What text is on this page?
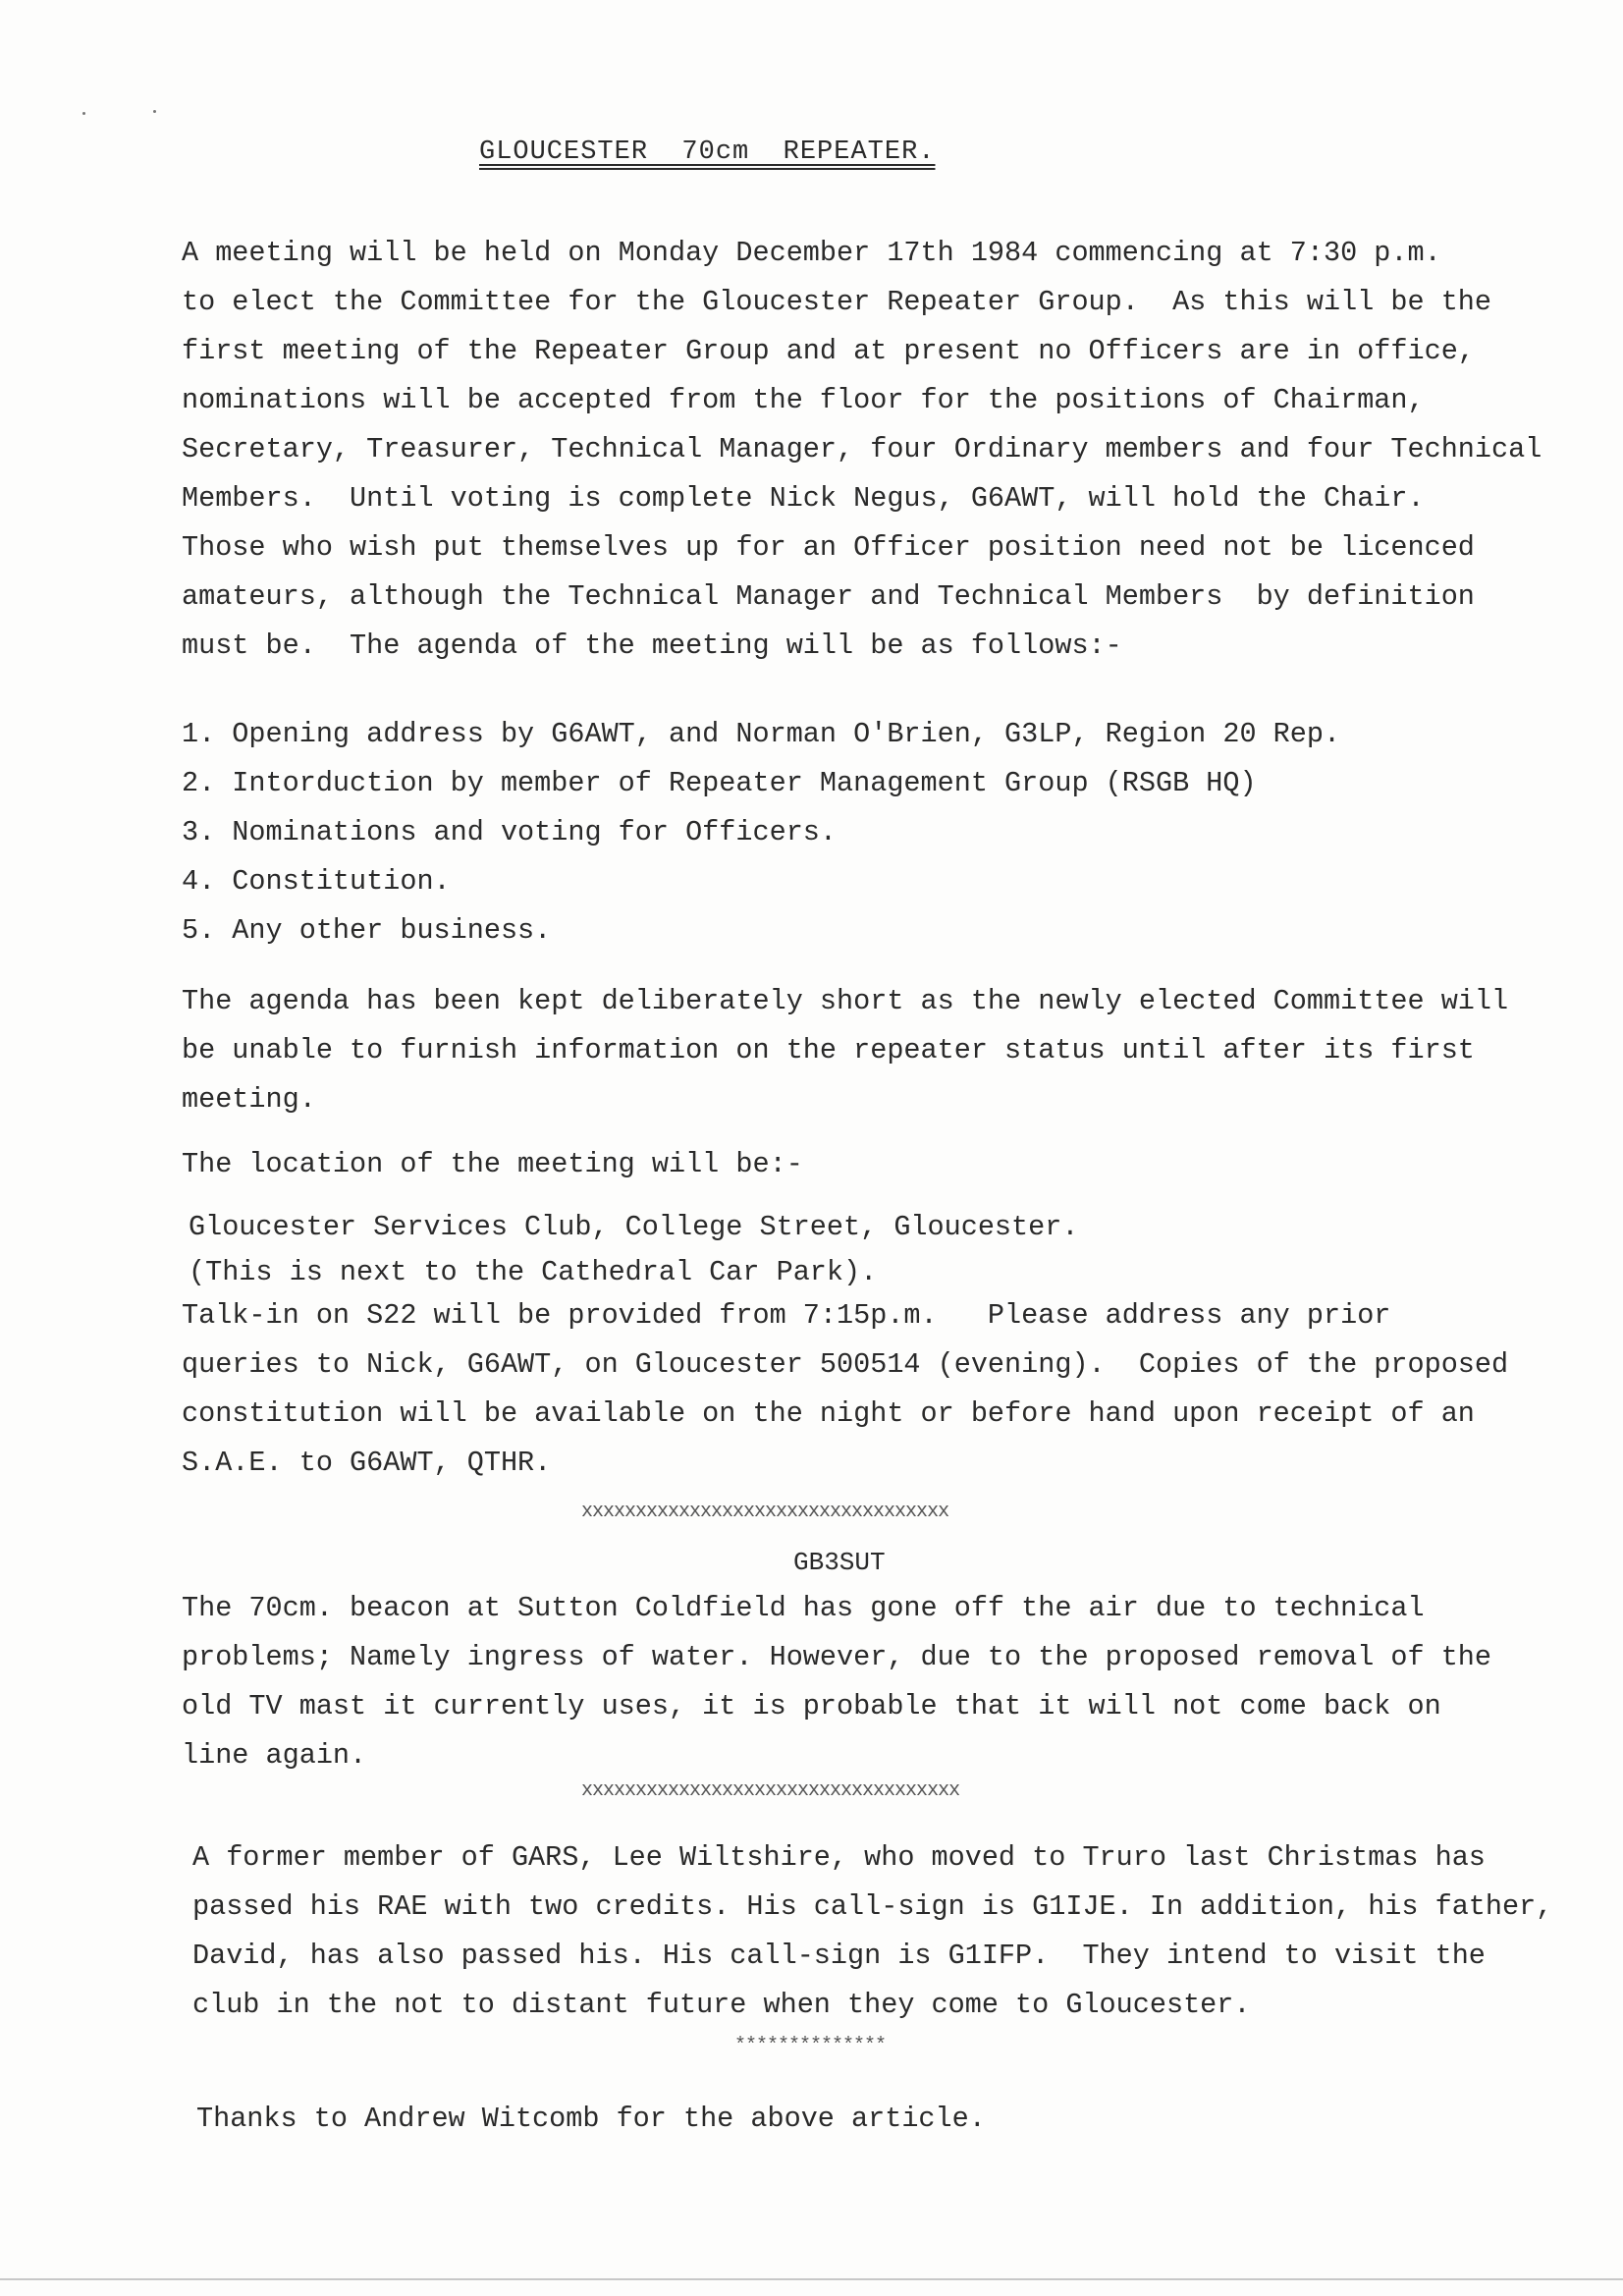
GLOUCESTER  70cm  REPEATER.
A meeting will be held on Monday December 17th 1984 commencing at 7:30 p.m.
to elect the Committee for the Gloucester Repeater Group.  As this will be the
first meeting of the Repeater Group and at present no Officers are in office,
nominations will be accepted from the floor for the positions of Chairman,
Secretary, Treasurer, Technical Manager, four Ordinary members and four Technical
Members.  Until voting is complete Nick Negus, G6AWT, will hold the Chair.
Those who wish put themselves up for an Officer position need not be licenced
amateurs, although the Technical Manager and Technical Members  by definition
must be.  The agenda of the meeting will be as follows:-
1. Opening address by G6AWT, and Norman O'Brien, G3LP, Region 20 Rep.
2. Intorduction by member of Repeater Management Group (RSGB HQ)
3. Nominations and voting for Officers.
4. Constitution.
5. Any other business.
The agenda has been kept deliberately short as the newly elected Committee will
be unable to furnish information on the repeater status until after its first
meeting.
The location of the meeting will be:-
Gloucester Services Club, College Street, Gloucester.
(This is next to the Cathedral Car Park).
Talk-in on S22 will be provided from 7:15p.m.   Please address any prior
queries to Nick, G6AWT, on Gloucester 500514 (evening).  Copies of the proposed
constitution will be available on the night or before hand upon receipt of an
S.A.E. to G6AWT, QTHR.
xxxxxxxxxxxxxxxxxxxxxxxxxxxxxxxxxx
GB3SUT
The 70cm. beacon at Sutton Coldfield has gone off the air due to technical
problems; Namely ingress of water. However, due to the proposed removal of the
old TV mast it currently uses, it is probable that it will not come back on
line again.
xxxxxxxxxxxxxxxxxxxxxxxxxxxxxxxxxxx
A former member of GARS, Lee Wiltshire, who moved to Truro last Christmas has
passed his RAE with two credits. His call-sign is G1IJE. In addition, his father,
David, has also passed his. His call-sign is G1IFP.  They intend to visit the
club in the not to distant future when they come to Gloucester.
**************
Thanks to Andrew Witcomb for the above article.
